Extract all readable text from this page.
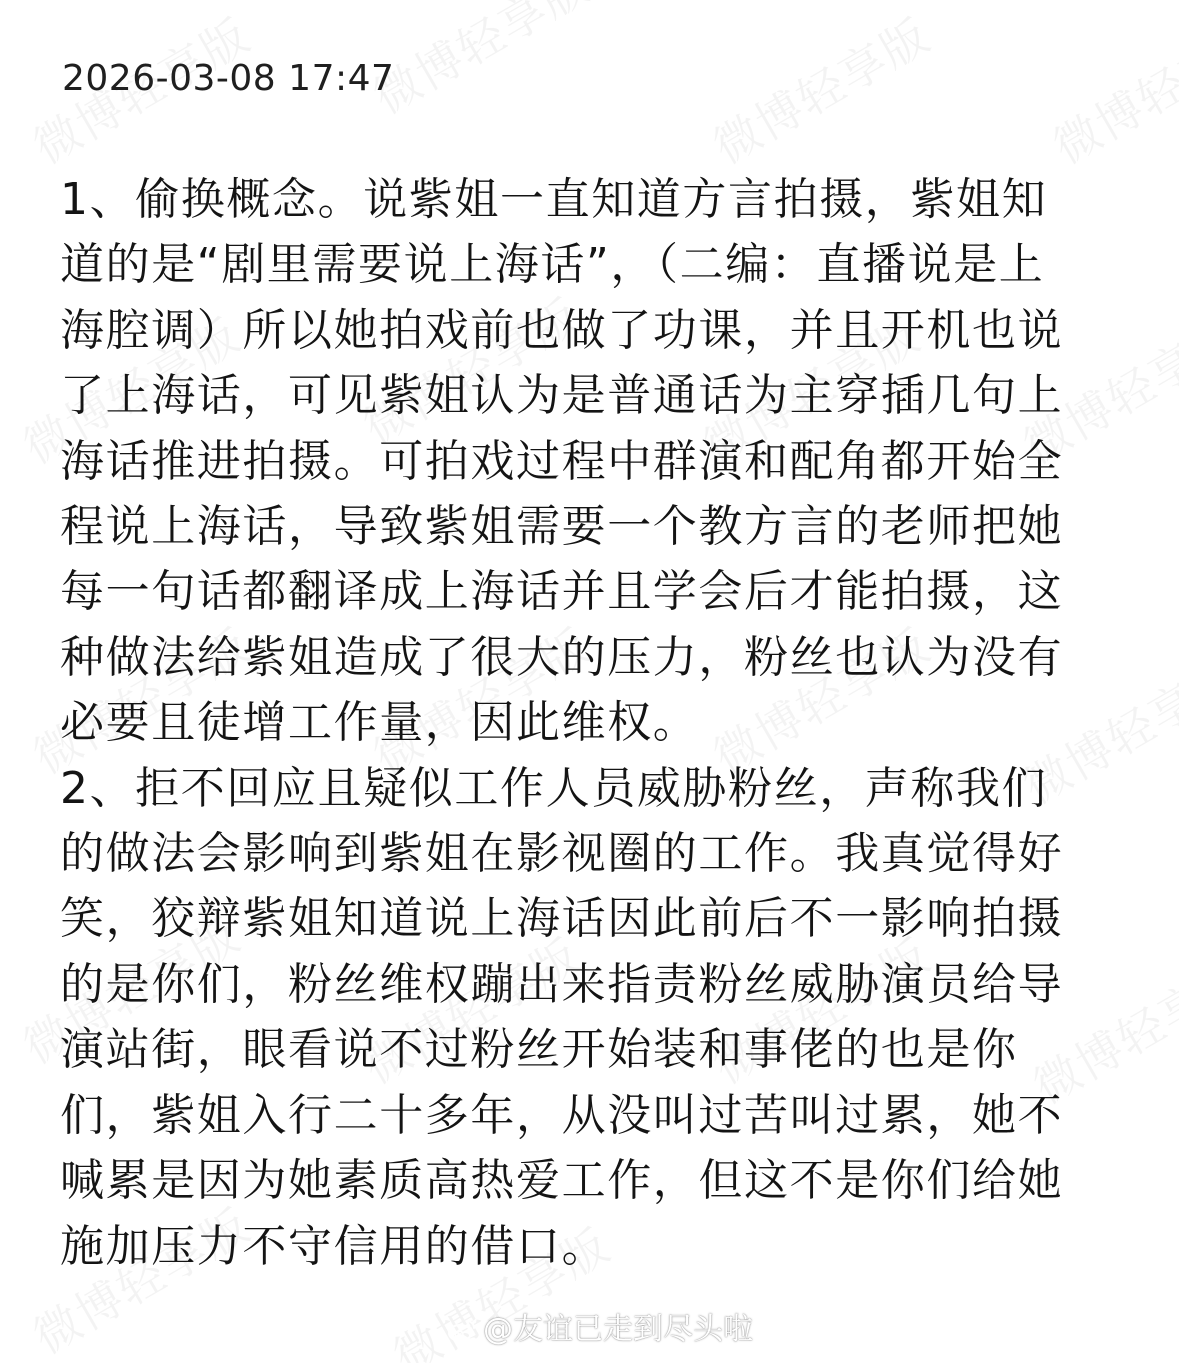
2026-03-08 17:47

1、偷换概念。说紫姐一直知道方言拍摄，紫姐知
道的是“剧里需要说上海话”，（二编：直播说是上
海腔调）所以她拍戏前也做了功课，并且开机也说
了上海话，可见紫姐认为是普通话为主穿插几句上
海话推进拍摄。可拍戏过程中群演和配角都开始全
程说上海话，导致紫姐需要一个教方言的老师把她
每一句话都翻译成上海话并且学会后才能拍摄，这
种做法给紫姐造成了很大的压力，粉丝也认为没有
必要且徒增工作量，因此维权。

2、拒不回应且疑似工作人员威胁粉丝，声称我们
的做法会影响到紫姐在影视圈的工作。我真觉得好
笑，狡辩紫姐知道说上海话因此前后不一影响拍摄
的是你们，粉丝维权蹦出来指责粉丝威胁演员给导
演站街，眼看说不过粉丝开始装和事佬的也是你
们，紫姐入行二十多年，从没叫过苦叫过累，她不
喊累是因为她素质高热爱工作，但这不是你们给她
施加压力不守信用的借口。

@友谊已走到尽头啦
